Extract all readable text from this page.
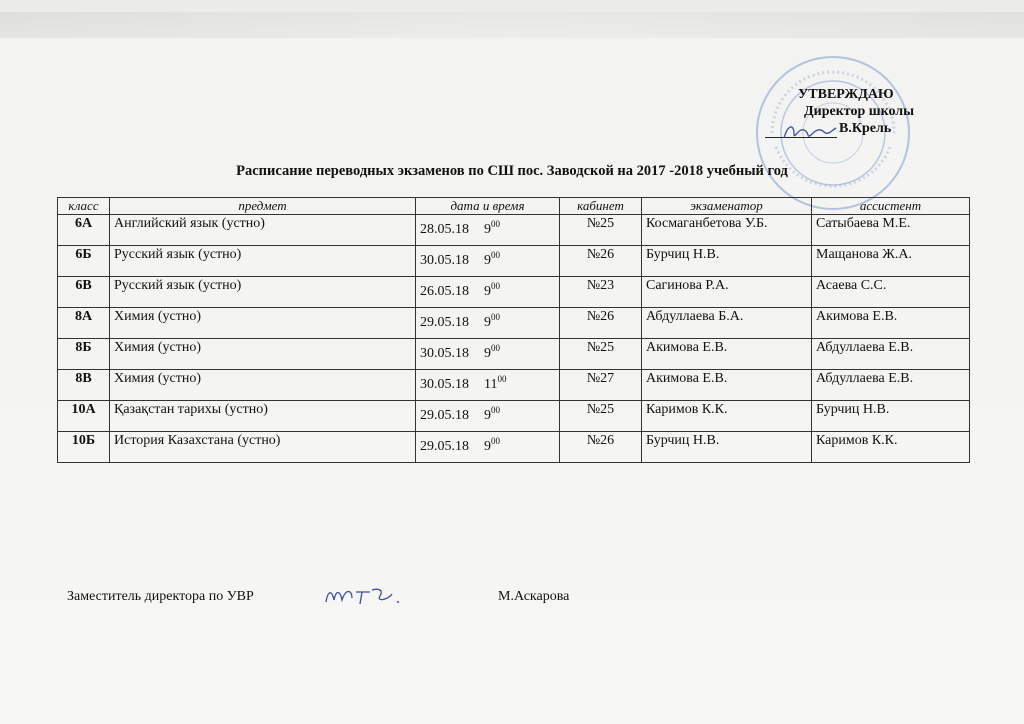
УТВЕРЖДАЮ
Директор школы
В.Крель
Расписание переводных экзаменов по СШ пос. Заводской на 2017 -2018 учебный год
класс	предмет	дата и время	кабинет	экзаменатор	ассистент
6А	Английский язык (устно)	28.05.18 $9^{00}$	№25	Космаганбетова У.Б.	Сатыбаева М.Е.
6Б	Русский язык (устно)	30.05.18 $9^{00}$	№26	Бурчиц Н.В.	Мащанова Ж.А.
6В	Русский язык (устно)	26.05.18 $9^{00}$	№23	Сагинова Р.А.	Асаева С.С.
8А	Химия (устно)	29.05.18 $9^{00}$	№26	Абдуллаева Б.А.	Акимова Е.В.
8Б	Химия (устно)	30.05.18 $9^{00}$	№25	Акимова Е.В.	Абдуллаева Е.В.
8В	Химия (устно)	30.05.18 $11^{00}$	№27	Акимова Е.В.	Абдуллаева Е.В.
10А	Қазақстан тарихы (устно)	29.05.18 $9^{00}$	№25	Каримов К.К.	Бурчиц Н.В.
10Б	История Казахстана (устно)	29.05.18 $9^{00}$	№26	Бурчиц Н.В.	Каримов К.К.
Заместитель директора по УВР	М.Аскарова
